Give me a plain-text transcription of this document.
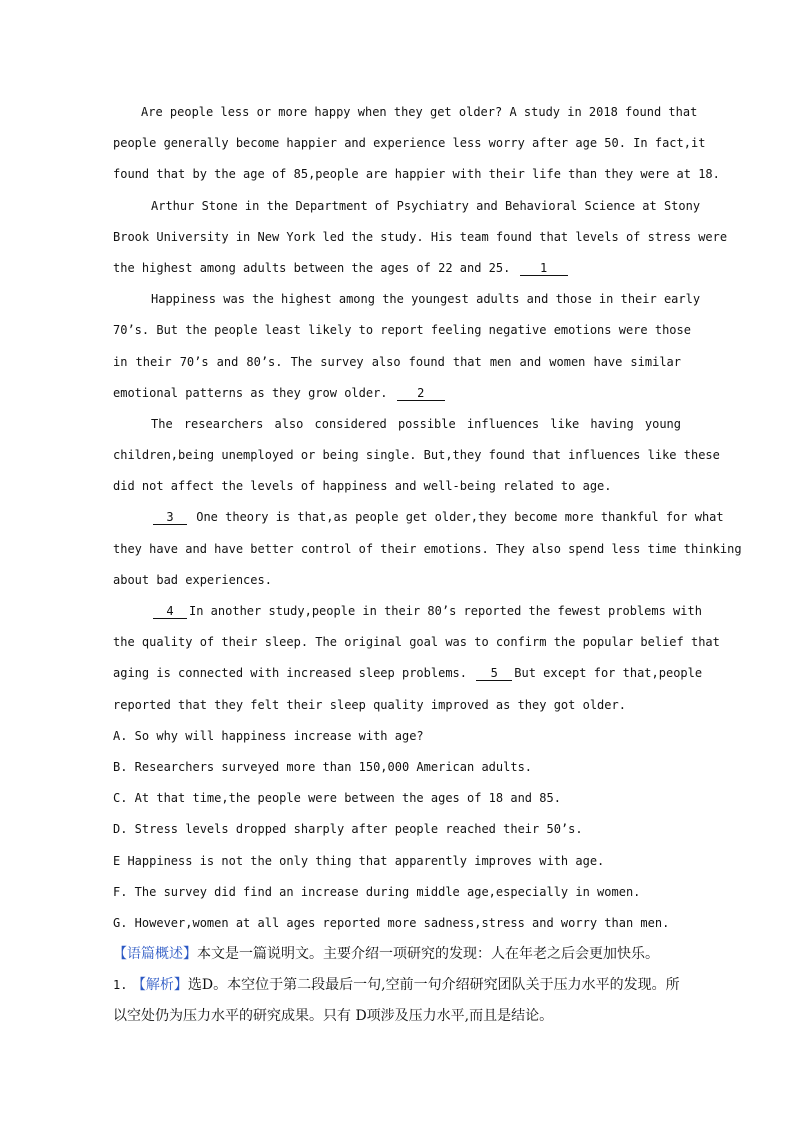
Are people less or more happy when they get older? A study in 2018 found that
people generally become happier and experience less worry after age 50. In fact,it
found that by the age of 85,people are happier with their life than they were at 18.
Arthur Stone in the Department of Psychiatry and Behavioral Science at Stony
Brook University in New York led the study. His team found that levels of stress were
the highest among adults between the ages of 22 and 25. 1
Happiness was the highest among the youngest adults and those in their early
70’s. But the people least likely to report feeling negative emotions were those
in their 70’s and 80’s. The survey also found that men and women have similar
emotional patterns as they grow older. 2
The researchers also considered possible influences like having young
children,being unemployed or being single. But,they found that influences like these
did not affect the levels of happiness and well-being related to age.
3 One theory is that,as people get older,they become more thankful for what
they have and have better control of their emotions. They also spend less time thinking
about bad experiences.
4 In another study,people in their 80’s reported the fewest problems with
the quality of their sleep. The original goal was to confirm the popular belief that
aging is connected with increased sleep problems. 5 But except for that,people
reported that they felt their sleep quality improved as they got older.
A. So why will happiness increase with age?
B. Researchers surveyed more than 150,000 American adults.
C. At that time,the people were between the ages of 18 and 85.
D. Stress levels dropped sharply after people reached their 50’s.
E Happiness is not the only thing that apparently improves with age.
F. The survey did find an increase during middle age,especially in women.
G. However,women at all ages reported more sadness,stress and worry than men.
【语篇概述】本文是一篇说明文。主要介绍一项研究的发现：人在年老之后会更加快乐。
1. 【解析】选D。本空位于第二段最后一句,空前一句介绍研究团队关于压力水平的发现。所
以空处仍为压力水平的研究成果。只有 D项涉及压力水平,而且是结论。
